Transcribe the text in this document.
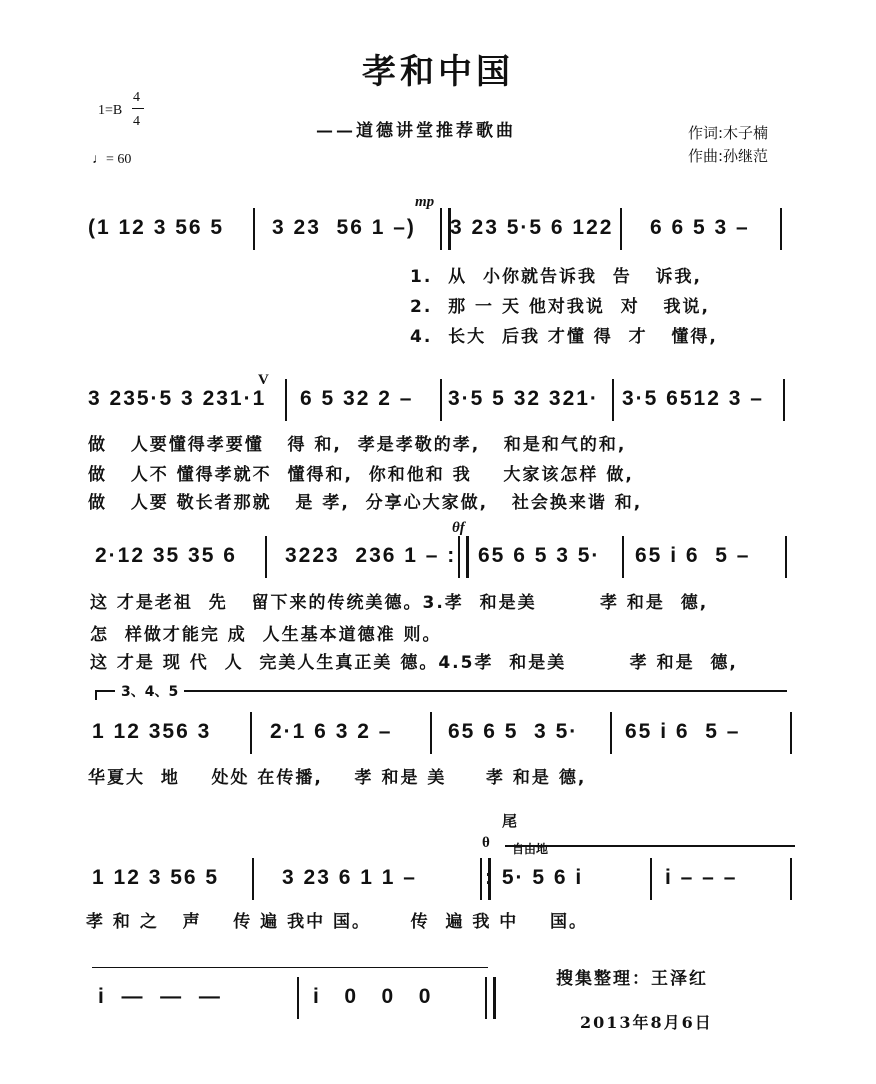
孝和中国
——道德讲堂推荐歌曲
1=B
4
4
♩= 60
作词:木子楠
作曲:孙继范
3、4、5
搜集整理：王泽红
2013年8月6日
(1 12 3 56 5 3 23  56 1 –) 3 23 5·5 6 122 6 6 5 3 –
1.  从  小你就告诉我  告   诉我,
2.  那 一 天 他对我说  对   我说,
4.  长大  后我 才懂 得  才   懂得,
mp
3 235·5 3 231·1 6 5 32 2 – 3·5 5 32 321· 3·5 6512 3 –
做   人要懂得孝要懂   得 和,  孝是孝敬的孝,   和是和气的和,
做   人不 懂得孝就不  懂得和,  你和他和 我    大家该怎样 做,
做   人要 敬长者那就   是 孝,  分享心大家做,   社会换来谐 和,
V
2·12 35 35 6 3223  236 1 – : 65 6 5 3 5· 65 i 6  5 –
这 才是老祖  先   留下来的传统美德。3.孝  和是美        孝 和是  德,
怎  样做才能完 成  人生基本道德准 则。
这 才是 现 代  人  完美人生真正美 德。4.5孝  和是美        孝 和是  德,
θf
1 12 356 3	2·1 6 3 2 –	65 6 5  3 5· 65 i 6  5 –
华夏大  地    处处 在传播,    孝 和是 美     孝 和是 德,
1 12 3 56 5	3 23 6 1 1 –	: 5· 5 6 i	i – – –
孝 和 之   声    传 遍 我中 国。     传  遍 我 中    国。
θ
尾
自由地
i  —  —  —	i   0   0   0
